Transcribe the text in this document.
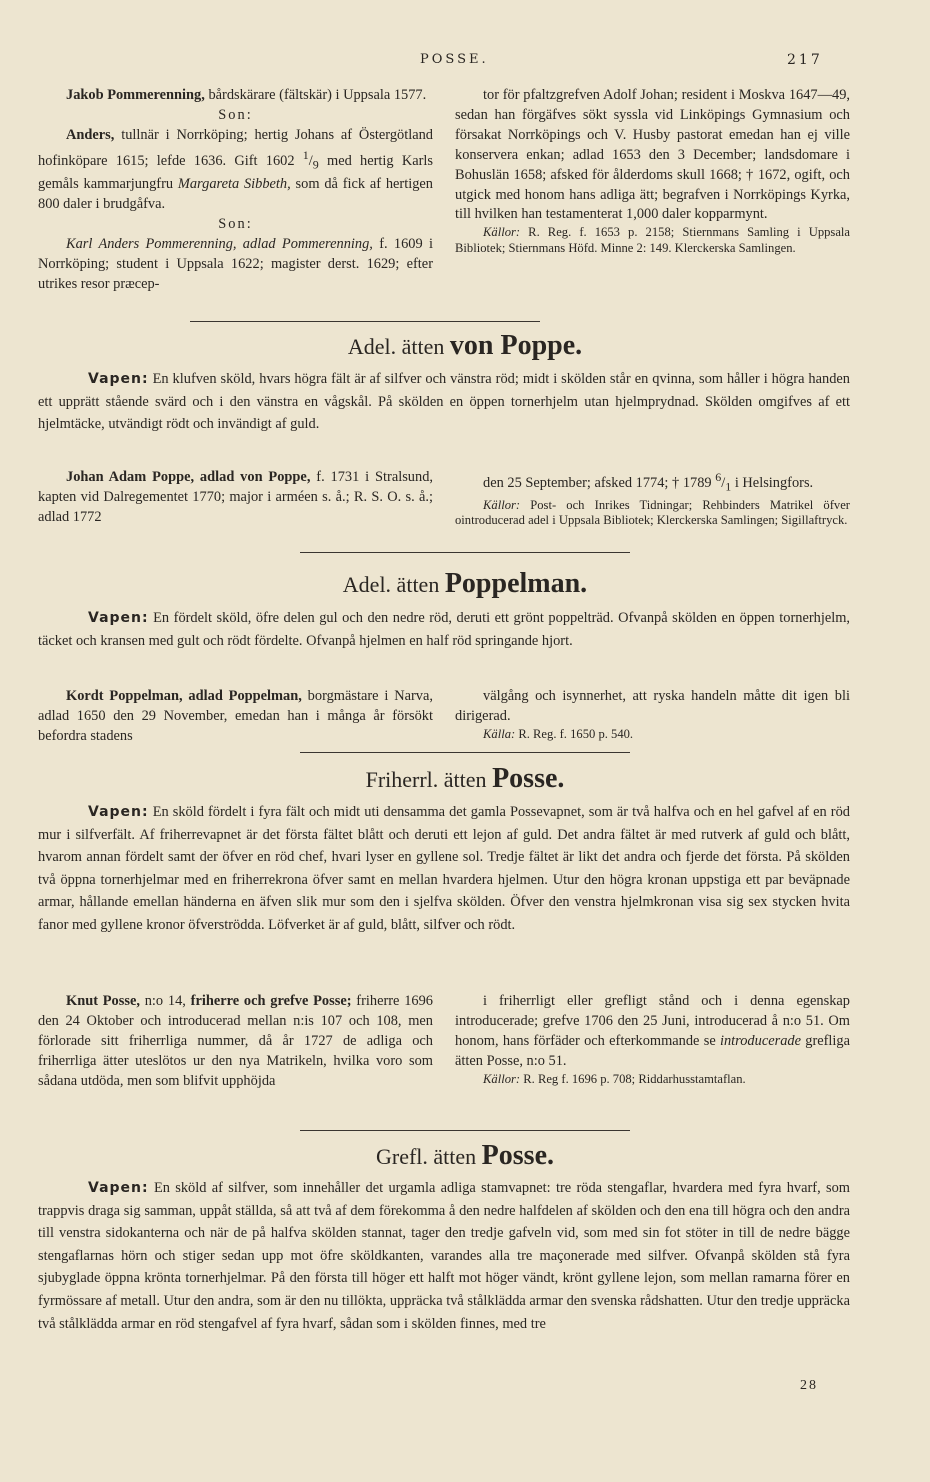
POSSE.	217

Jakob Pommerenning, bårdskärare (fältskär) i Uppsala 1577.

Son:

Anders, tullnär i Norrköping; hertig Johans af Östergötland hofinköpare 1615; lefde 1636. Gift 1602 $^1/_9$ med hertig Karls gemåls kammarjungfru Margareta Sibbeth, som då fick af hertigen 800 daler i brudgåfva.

Son:

Karl Anders Pommerenning, adlad Pommerenning, f. 1609 i Norrköping; student i Uppsala 1622; magister derst. 1629; efter utrikes resor præcep-

tor för pfaltzgrefven Adolf Johan; resident i Moskva 1647—49, sedan han förgäfves sökt syssla vid Linköpings Gymnasium och försakat Norrköpings och V. Husby pastorat emedan han ej ville konservera enkan; adlad 1653 den 3 December; landsdomare i Bohuslän 1658; afsked för ålderdoms skull 1668; † 1672, ogift, och utgick med honom hans adliga ätt; begrafven i Norrköpings Kyrka, till hvilken han testamenterat 1,000 daler kopparmynt.

Källor: R. Reg. f. 1653 p. 2158; Stiernmans Samling i Uppsala Bibliotek; Stiernmans Höfd. Minne 2: 149. Klerckerska Samlingen.

Adel. ätten von Poppe.

Vapen: En klufven sköld, hvars högra fält är af silfver och vänstra röd; midt i skölden står en qvinna, som håller i högra handen ett upprätt stående svärd och i den vänstra en vågskål. På skölden en öppen tornerhjelm utan hjelmprydnad. Skölden omgifves af ett hjelmtäcke, utvändigt rödt och invändigt af guld.

Johan Adam Poppe, adlad von Poppe, f. 1731 i Stralsund, kapten vid Dalregementet 1770; major i arméen s. å.; R. S. O. s. å.; adlad 1772

den 25 September; afsked 1774; † 1789 $^6/_1$ i Helsingfors.

Källor: Post- och Inrikes Tidningar; Rehbinders Matrikel öfver ointroducerad adel i Uppsala Bibliotek; Klerckerska Samlingen; Sigillaftryck.

Adel. ätten Poppelman.

Vapen: En fördelt sköld, öfre delen gul och den nedre röd, deruti ett grönt poppelträd. Ofvanpå skölden en öppen tornerhjelm, täcket och kransen med gult och rödt fördelte. Ofvanpå hjelmen en half röd springande hjort.

Kordt Poppelman, adlad Poppelman, borgmästare i Narva, adlad 1650 den 29 November, emedan han i många år försökt befordra stadens

välgång och isynnerhet, att ryska handeln måtte dit igen bli dirigerad.

Källa: R. Reg. f. 1650 p. 540.

Friherrl. ätten Posse.

Vapen: En sköld fördelt i fyra fält och midt uti densamma det gamla Possevapnet, som är två halfva och en hel gafvel af en röd mur i silfverfält. Af friherrevapnet är det första fältet blått och deruti ett lejon af guld. Det andra fältet är med rutverk af guld och blått, hvarom annan fördelt samt der öfver en röd chef, hvari lyser en gyllene sol. Tredje fältet är likt det andra och fjerde det första. På skölden två öppna tornerhjelmar med en friherrekrona öfver samt en mellan hvardera hjelmen. Utur den högra kronan uppstiga ett par beväpnade armar, hållande emellan händerna en äfven slik mur som den i sjelfva skölden. Öfver den venstra hjelmkronan visa sig sex stycken hvita fanor med gyllene kronor öfverströdda. Löfverket är af guld, blått, silfver och rödt.

Knut Posse, n:o 14, friherre och grefve Posse; friherre 1696 den 24 Oktober och introducerad mellan n:is 107 och 108, men förlorade sitt friherrliga nummer, då år 1727 de adliga och friherrliga ätter uteslötos ur den nya Matrikeln, hvilka voro som sådana utdöda, men som blifvit upphöjda

i friherrligt eller grefligt stånd och i denna egenskap introducerade; grefve 1706 den 25 Juni, introducerad å n:o 51. Om honom, hans förfäder och efterkommande se introducerade grefliga ätten Posse, n:o 51.

Källor: R. Reg f. 1696 p. 708; Riddarhusstamtaflan.

Grefl. ätten Posse.

Vapen: En sköld af silfver, som innehåller det urgamla adliga stamvapnet: tre röda stengaflar, hvardera med fyra hvarf, som trappvis dragа sig samman, uppåt ställda, så att två af dem förekomma å den nedre halfdelen af skölden och den ena till högra och den andra till venstra sidokanterna och när de på halfva skölden stannat, tager den tredje gafveln vid, som med sin fot stöter in till de nedre bägge stengaflarnas hörn och stiger sedan upp mot öfre sköldkanten, varandes alla tre maçonerade med silfver. Ofvanpå skölden stå fyra sjubyglade öppna krönta tornerhjelmar. På den första till höger ett halft mot höger vändt, krönt gyllene lejon, som mellan ramarna förer en fyrmössare af metall. Utur den andra, som är den nu tillökta, uppräcka två stålklädda armar den svenska rådshatten. Utur den tredje uppräcka två stålklädda armar en röd stengafvel af fyra hvarf, sådan som i skölden finnes, med tre

28
